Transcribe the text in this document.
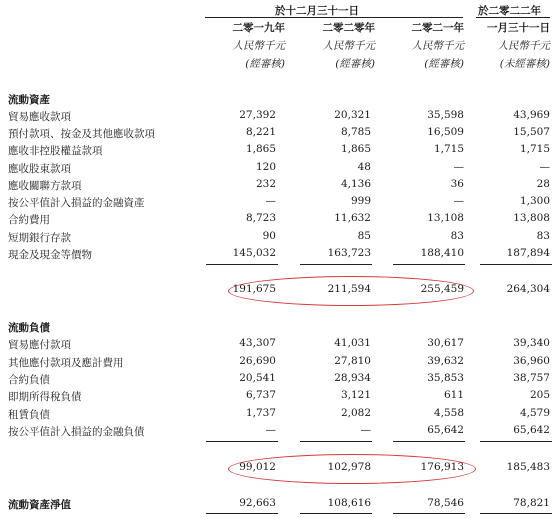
於十二月三十一日	於二零二二年
二零一九年	二零二零年	二零二一年	一月三十一日
人民幣千元	人民幣千元	人民幣千元	人民幣千元
(經審核)	(經審核)	(經審核)	(未經審核)
流動資產
貿易應收款項	27,392	20,321	35,598	43,969
預付款項、按金及其他應收款項	8,221	8,785	16,509	15,507
應收非控股權益款項	1,865	1,865	1,715	1,715
應收股東款項	120	48	—	—
應收關聯方款項	232	4,136	36	28
按公平值計入損益的金融資產	—	999	—	1,300
合約費用	8,723	11,632	13,108	13,808
短期銀行存款	90	85	83	83
現金及現金等價物	145,032	163,723	188,410	187,894
191,675	211,594	255,459	264,304
流動負債
貿易應付款項	43,307	41,031	30,617	39,340
其他應付款項及應計費用	26,690	27,810	39,632	36,960
合約負債	20,541	28,934	35,853	38,757
即期所得稅負債	6,737	3,121	611	205
租賃負債	1,737	2,082	4,558	4,579
按公平值計入損益的金融負債	—	—	65,642	65,642
99,012	102,978	176,913	185,483
流動資產淨值	92,663	108,616	78,546	78,821
